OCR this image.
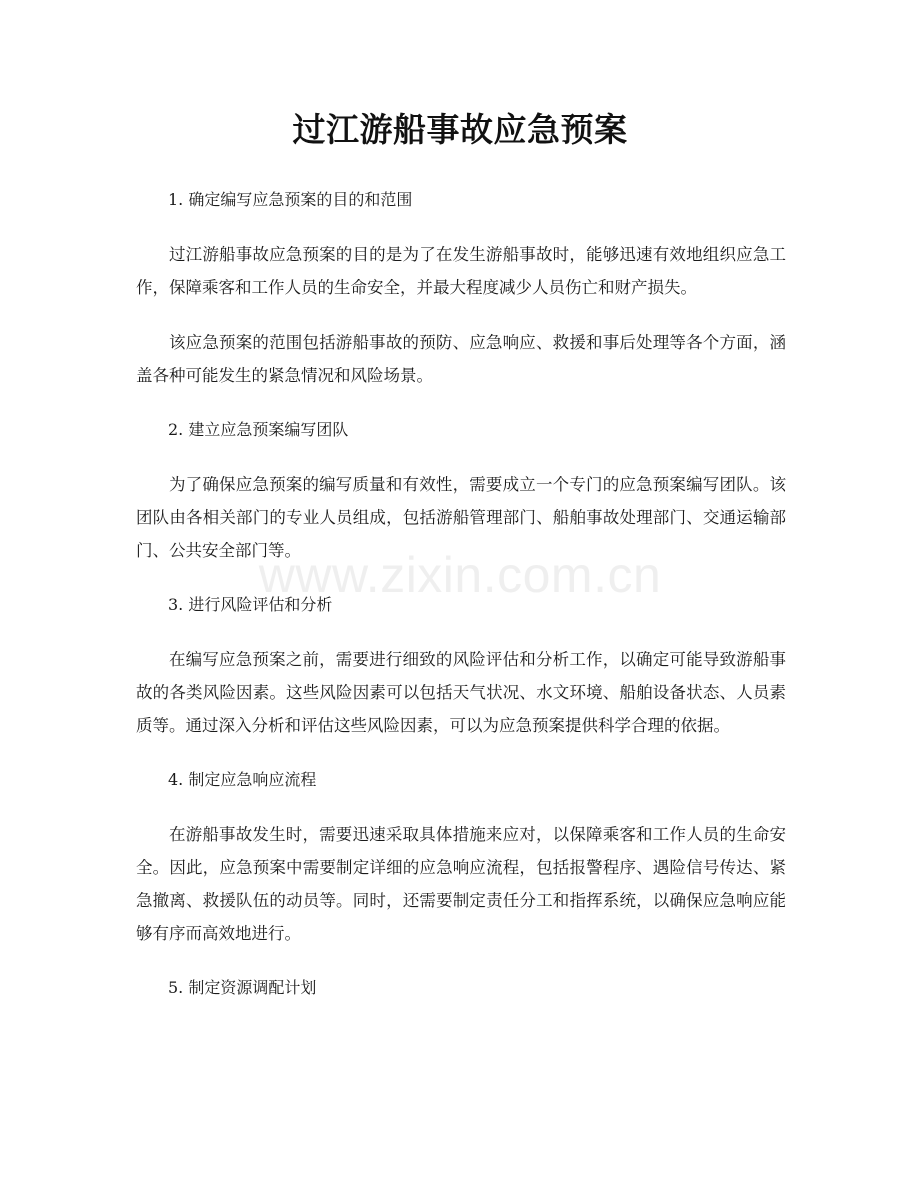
过江游船事故应急预案
1. 确定编写应急预案的目的和范围

过江游船事故应急预案的目的是为了在发生游船事故时，能够迅速有效地组织应急工作，保障乘客和工作人员的生命安全，并最大程度减少人员伤亡和财产损失。

该应急预案的范围包括游船事故的预防、应急响应、救援和事后处理等各个方面，涵盖各种可能发生的紧急情况和风险场景。

2. 建立应急预案编写团队

为了确保应急预案的编写质量和有效性，需要成立一个专门的应急预案编写团队。该团队由各相关部门的专业人员组成，包括游船管理部门、船舶事故处理部门、交通运输部门、公共安全部门等。

3. 进行风险评估和分析

在编写应急预案之前，需要进行细致的风险评估和分析工作，以确定可能导致游船事故的各类风险因素。这些风险因素可以包括天气状况、水文环境、船舶设备状态、人员素质等。通过深入分析和评估这些风险因素，可以为应急预案提供科学合理的依据。

4. 制定应急响应流程

在游船事故发生时，需要迅速采取具体措施来应对，以保障乘客和工作人员的生命安全。因此，应急预案中需要制定详细的应急响应流程，包括报警程序、遇险信号传达、紧急撤离、救援队伍的动员等。同时，还需要制定责任分工和指挥系统，以确保应急响应能够有序而高效地进行。

5. 制定资源调配计划
www.zixin.com.cn
